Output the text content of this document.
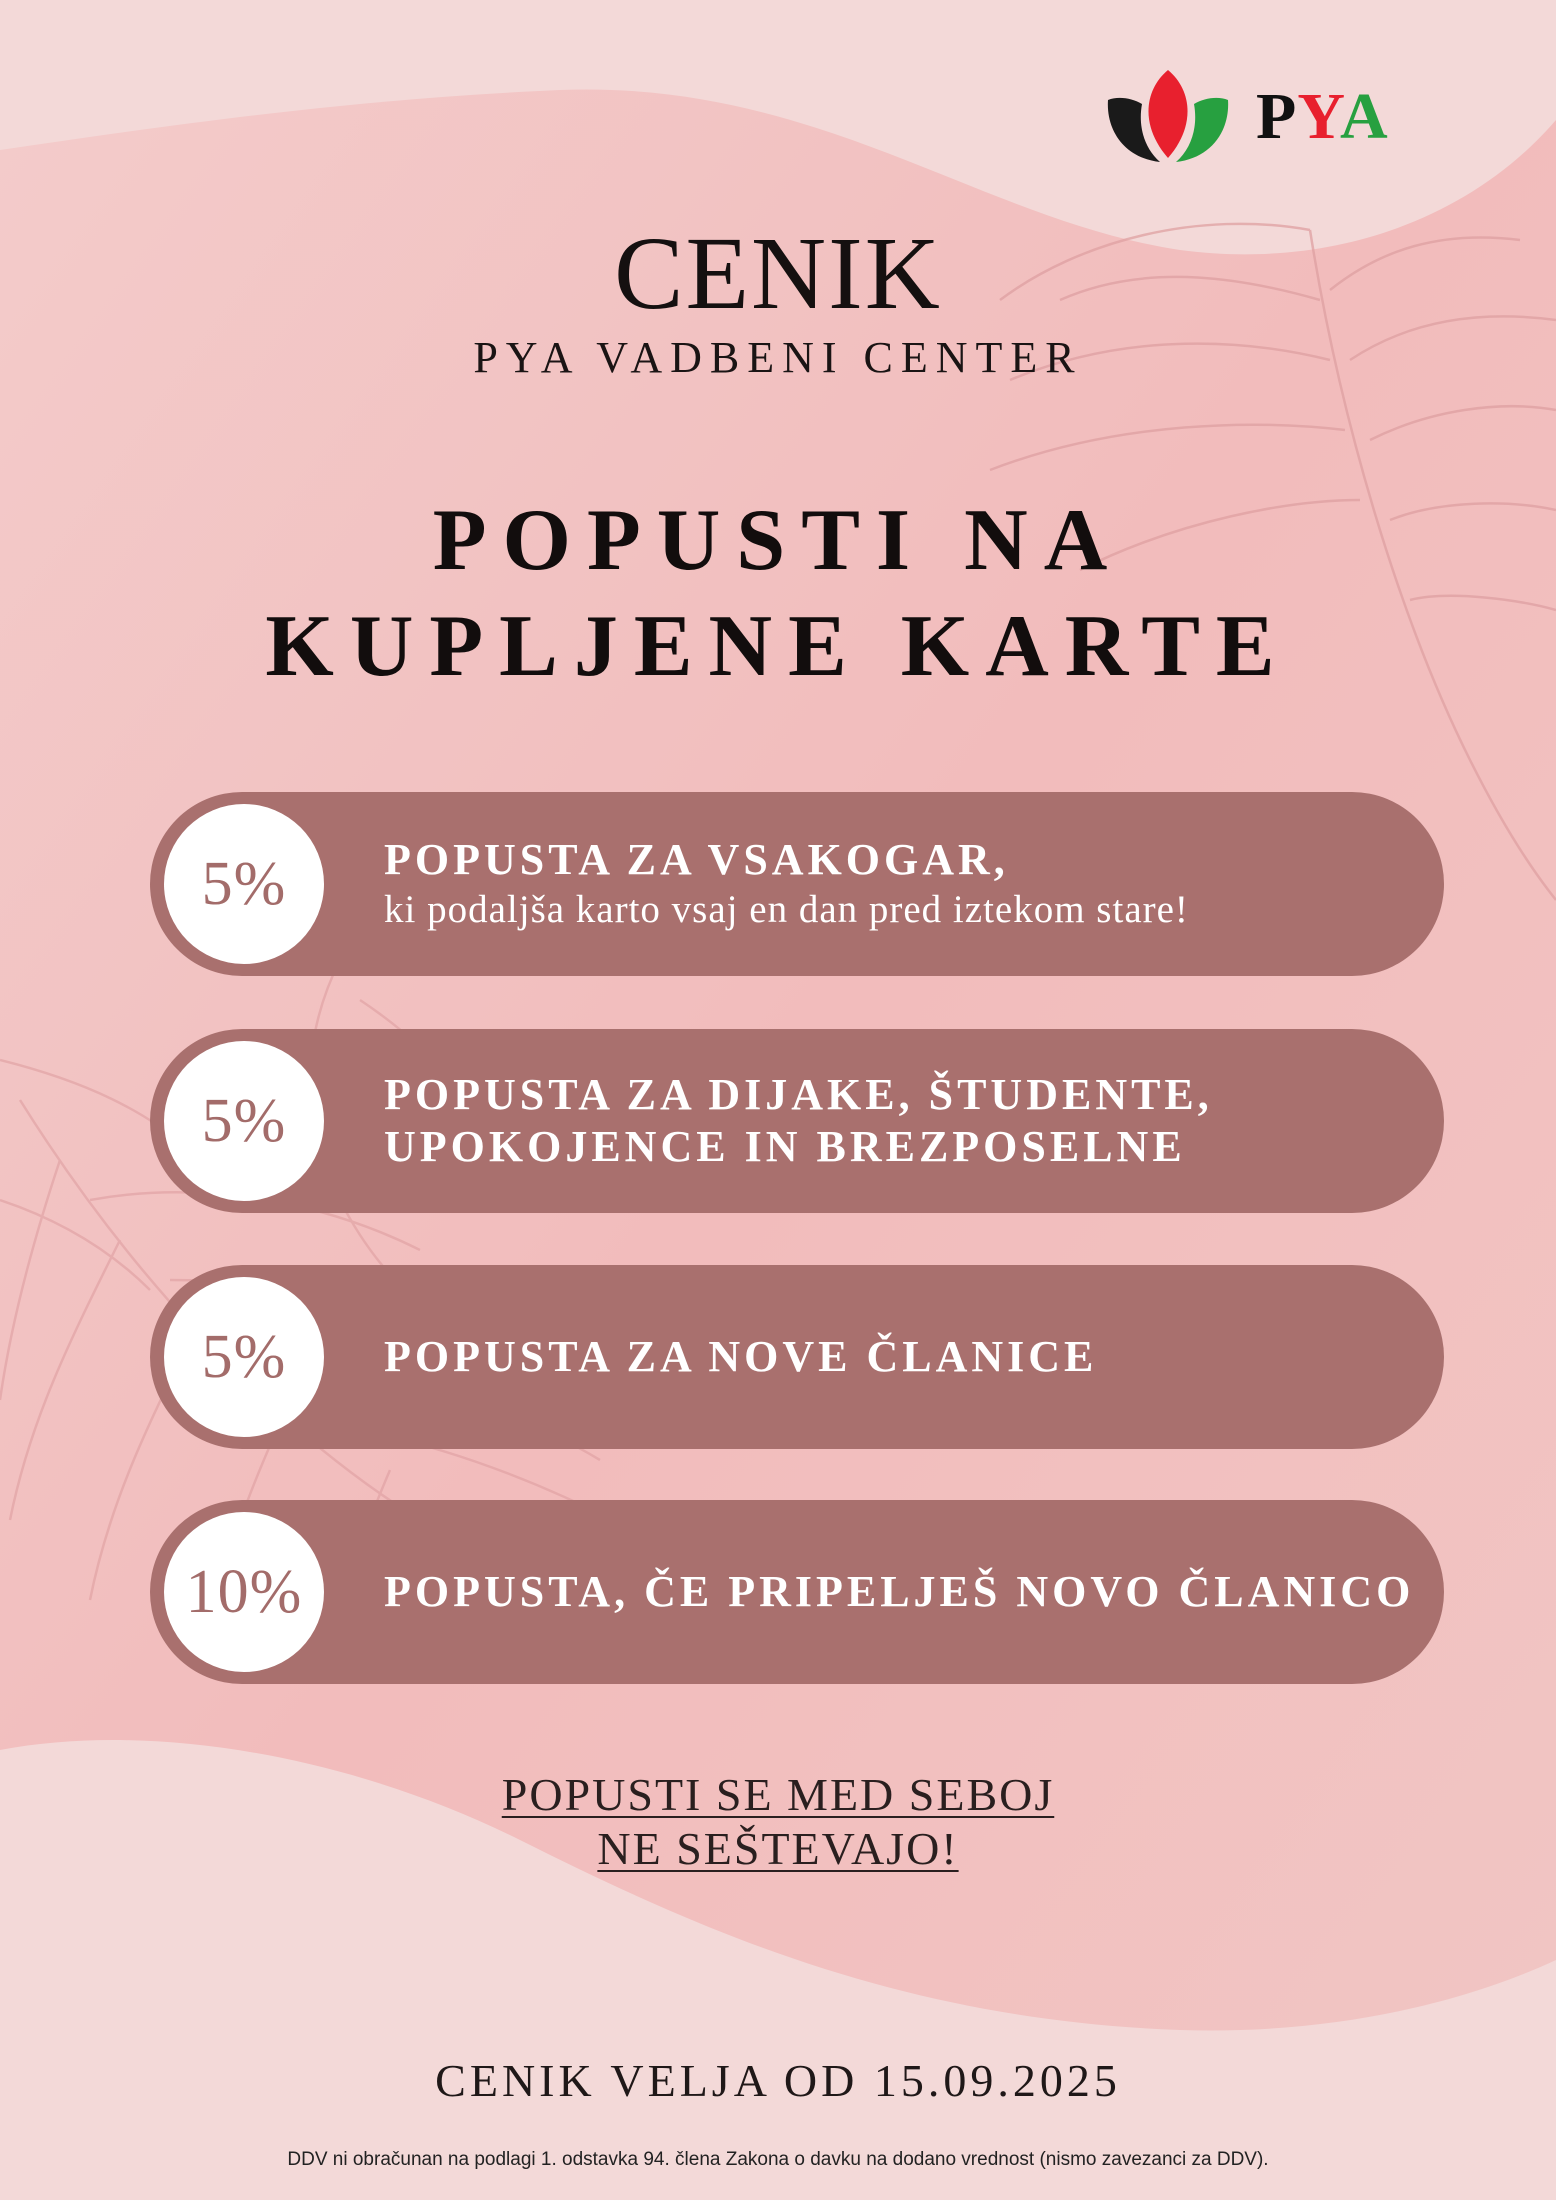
PYA
CENIK
PYA VADBENI CENTER
POPUSTI NA
KUPLJENE KARTE
5%	POPUSTA ZA VSAKOGAR,
ki podaljša karto vsaj en dan pred iztekom stare!
5%	POPUSTA ZA DIJAKE, ŠTUDENTE,
UPOKOJENCE IN BREZPOSELNE
5%	POPUSTA ZA NOVE ČLANICE
10%	POPUSTA, ČE PRIPELJEŠ NOVO ČLANICO
POPUSTI SE MED SEBOJ
NE SEŠTEVAJO!
CENIK VELJA OD 15.09.2025
DDV ni obračunan na podlagi 1. odstavka 94. člena Zakona o davku na dodano vrednost (nismo zavezanci za DDV).
